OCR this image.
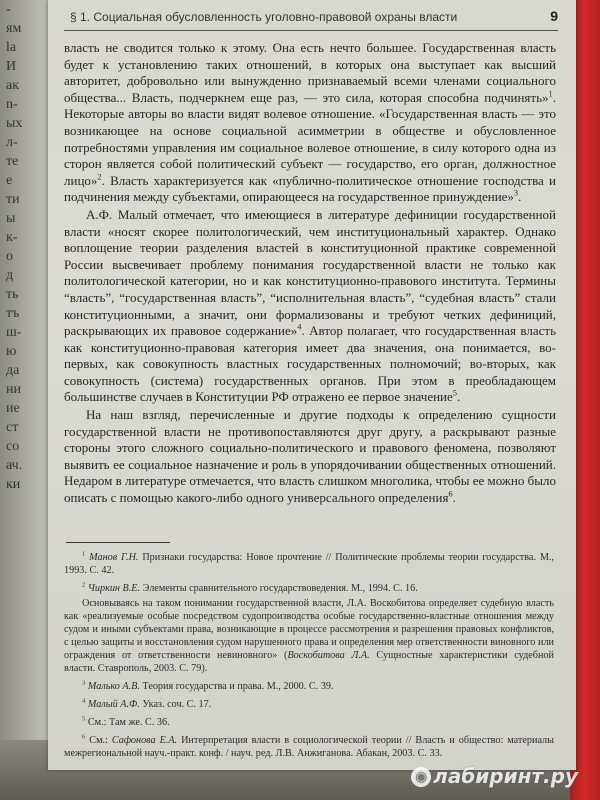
-
ям
la
И
ак
n-
ых
л-
те
е
ти
ы
к-
о
д
ть
тъ
ш-
ю
да
ни
ие
ст
со
ач.
ки
§ 1. Социальная обусловленность уголовно-правовой охраны власти	9

власть не сводится только к этому. Она есть нечто большее. Государственная власть будет к установлению таких отношений, в которых она выступает как высший авторитет, добровольно или вынужденно признаваемый всеми членами социального общества... Власть, подчеркнем еще раз, — это сила, которая способна подчинять»$^1$. Некоторые авторы во власти видят волевое отношение. «Государственная власть — это возникающее на основе социальной асимметрии в обществе и обусловленное потребностями управления им социальное волевое отношение, в силу которого одна из сторон является собой политический субъект — государство, его орган, должностное лицо»$^2$. Власть характеризуется как «публично-политическое отношение господства и подчинения между субъектами, опирающееся на государственное принуждение»$^3$.

А.Ф. Малый отмечает, что имеющиеся в литературе дефиниции государственной власти «носят скорее политологический, чем институциональный характер. Однако воплощение теории разделения властей в конституционной практике современной России высвечивает проблему понимания государственной власти не только как политологической категории, но и как конституционно-правового института. Термины “власть”, “государственная власть”, “исполнительная власть”, “судебная власть” стали конституционными, а значит, они формализованы и требуют четких дефиниций, раскрывающих их правовое содержание»$^4$. Автор полагает, что государственная власть как конституционно-правовая категория имеет два значения, она понимается, во-первых, как совокупность властных государственных полномочий; во-вторых, как совокупность (система) государственных органов. При этом в преобладающем большинстве случаев в Конституции РФ отражено ее первое значение$^5$.

На наш взгляд, перечисленные и другие подходы к определению сущности государственной власти не противопоставляются друг другу, а раскрывают разные стороны этого сложного социально-политического и правового феномена, позволяют выявить ее социальное назначение и роль в упорядочивании общественных отношений. Недаром в литературе отмечается, что власть слишком многолика, чтобы ее можно было описать с помощью какого-либо одного универсального определения$^6$.

$^1$ Манов Г.Н. Признаки государства: Новое прочтение // Политические проблемы теории государства. М., 1993. С. 42.

$^2$ Чиркин В.Е. Элементы сравнительного государствоведения. М., 1994. С. 16.

Основываясь на таком понимании государственной власти, Л.А. Воскобитова определяет судебную власть как «реализуемые особые посредством судопроизводства особые государственно-властные отношения между судом и иными субъектами права, возникающие в процессе рассмотрения и разрешения правовых конфликтов, с целью защиты и восстановления судом нарушенного права и определения мер ответственности виновного или ограждения от ответственности невиновного» (Воскобитова Л.А. Сущностные характеристики судебной власти. Ставрополь, 2003. С. 79).

$^3$ Малько А.В. Теория государства и права. М., 2000. С. 39.

$^4$ Малый А.Ф. Указ. соч. С. 17.

$^5$ См.: Там же. С. 36.

$^6$ См.: Сафонова Е.А. Интерпретация власти в социологической теории // Власть и общество: материалы межрегиональной науч.-практ. конф. / науч. ред. Л.В. Анжиганова. Абакан, 2003. С. 33.

◉ лабиринт.ру
